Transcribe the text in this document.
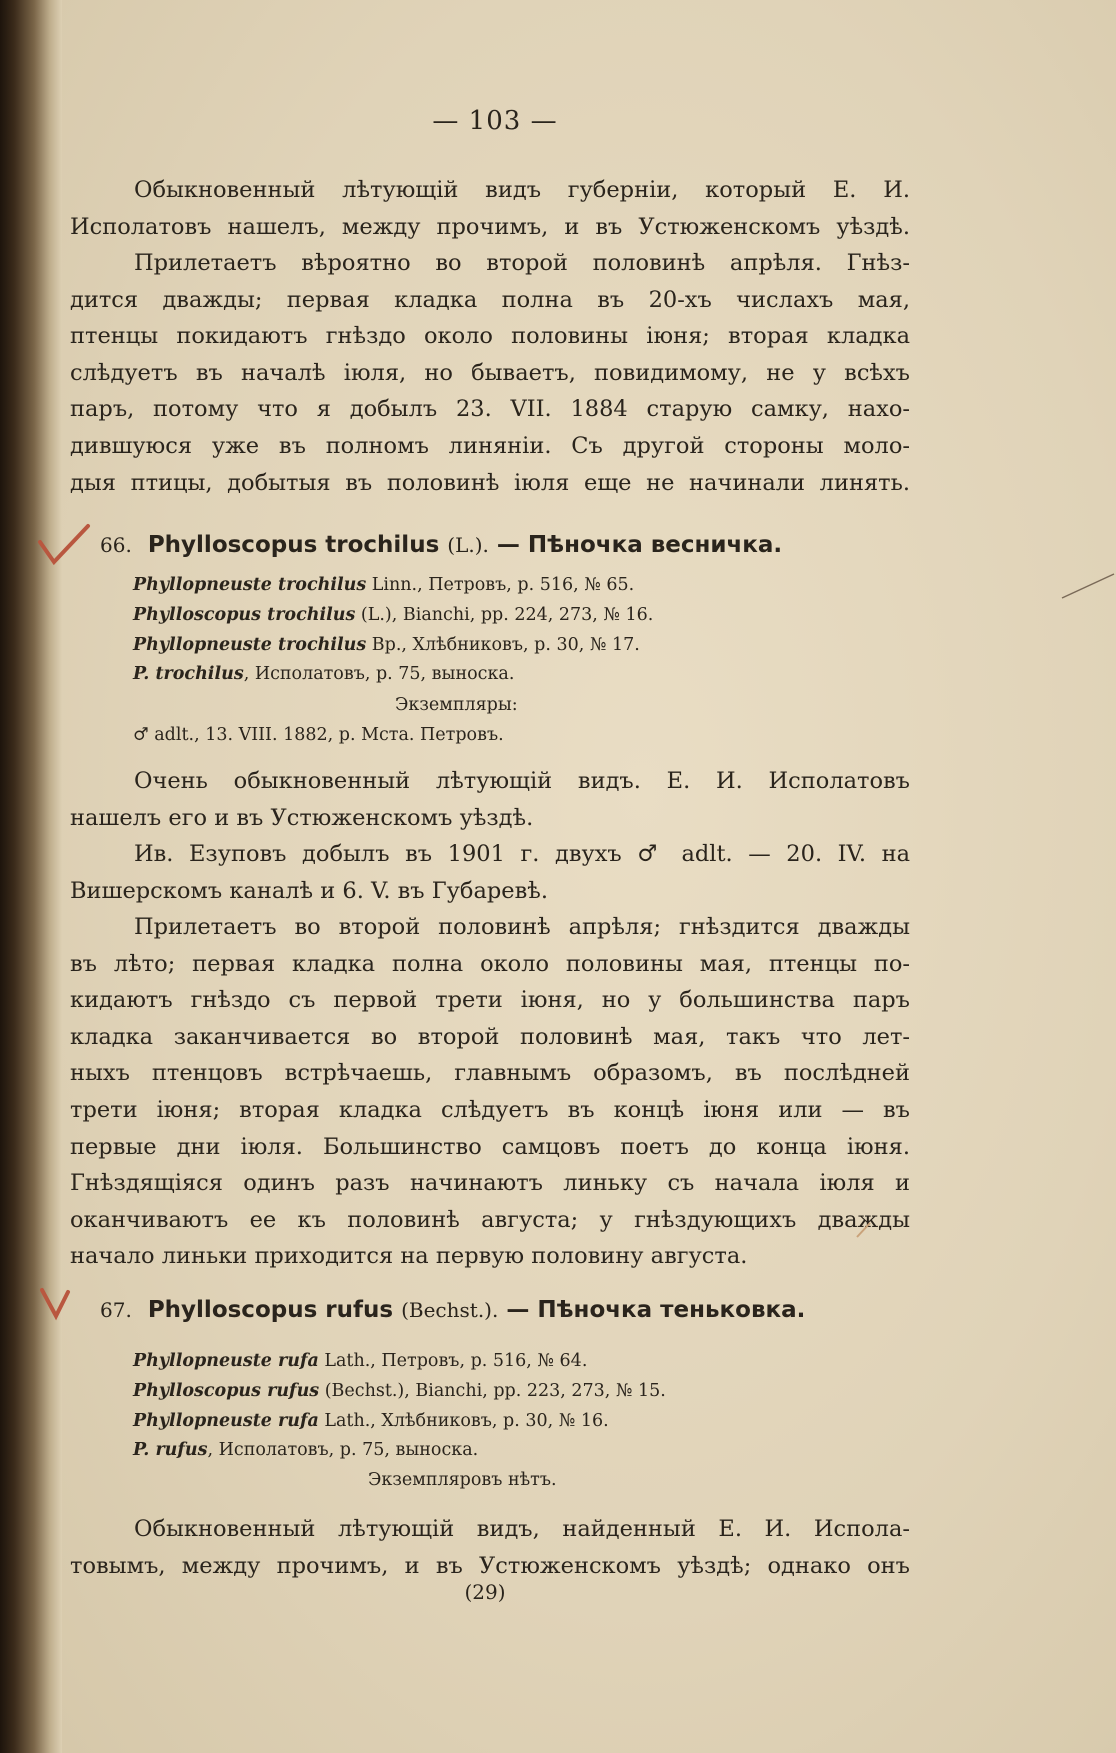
— 103 —
Обыкновенный лѣтующій видъ губерніи, который Е. И.
Исполатовъ нашелъ, между прочимъ, и въ Устюженскомъ уѣздѣ.
Прилетаетъ вѣроятно во второй половинѣ апрѣля. Гнѣз-
дится дважды; первая кладка полна въ 20-хъ числахъ мая,
птенцы покидаютъ гнѣздо около половины іюня; вторая кладка
слѣдуетъ въ началѣ іюля, но бываетъ, повидимому, не у всѣхъ
паръ, потому что я добылъ 23. VII. 1884 старую самку, нахо-
дившуюся уже въ полномъ линяніи. Съ другой стороны моло-
дыя птицы, добытыя въ половинѣ іюля еще не начинали линять.
66. Phylloscopus trochilus (L.). — Пѣночка весничка.
Phyllopneuste trochilus Linn., Петровъ, p. 516, № 65.
Phylloscopus trochilus (L.), Bianchi, pp. 224, 273, № 16.
Phyllopneuste trochilus Вр., Хлѣбниковъ, p. 30, № 17.
P. trochilus, Исполатовъ, p. 75, выноска.
Экземпляры:
♂ adlt., 13. VIII. 1882, p. Мста. Петровъ.
Очень обыкновенный лѣтующій видъ. Е. И. Исполатовъ
нашелъ его и въ Устюженскомъ уѣздѣ.
Ив. Езуповъ добылъ въ 1901 г. двухъ ♂ adlt. — 20. IV. на
Вишерскомъ каналѣ и 6. V. въ Губаревѣ.
Прилетаетъ во второй половинѣ апрѣля; гнѣздится дважды
въ лѣто; первая кладка полна около половины мая, птенцы по-
кидаютъ гнѣздо съ первой трети іюня, но у большинства паръ
кладка заканчивается во второй половинѣ мая, такъ что лет-
ныхъ птенцовъ встрѣчаешь, главнымъ образомъ, въ послѣдней
трети іюня; вторая кладка слѣдуетъ въ концѣ іюня или — въ
первые дни іюля. Большинство самцовъ поетъ до конца іюня.
Гнѣздящіяся одинъ разъ начинаютъ линьку съ начала іюля и
оканчиваютъ ее къ половинѣ августа; у гнѣздующихъ дважды
начало линьки приходится на первую половину августа.
67. Phylloscopus rufus (Bechst.). — Пѣночка теньковка.
Phyllopneuste rufa Lath., Петровъ, p. 516, № 64.
Phylloscopus rufus (Bechst.), Bianchi, pp. 223, 273, № 15.
Phyllopneuste rufa Lath., Хлѣбниковъ, p. 30, № 16.
P. rufus, Исполатовъ, p. 75, выноска.
Экземпляровъ нѣтъ.
Обыкновенный лѣтующій видъ, найденный Е. И. Испола-
товымъ, между прочимъ, и въ Устюженскомъ уѣздѣ; однако онъ
(29)
